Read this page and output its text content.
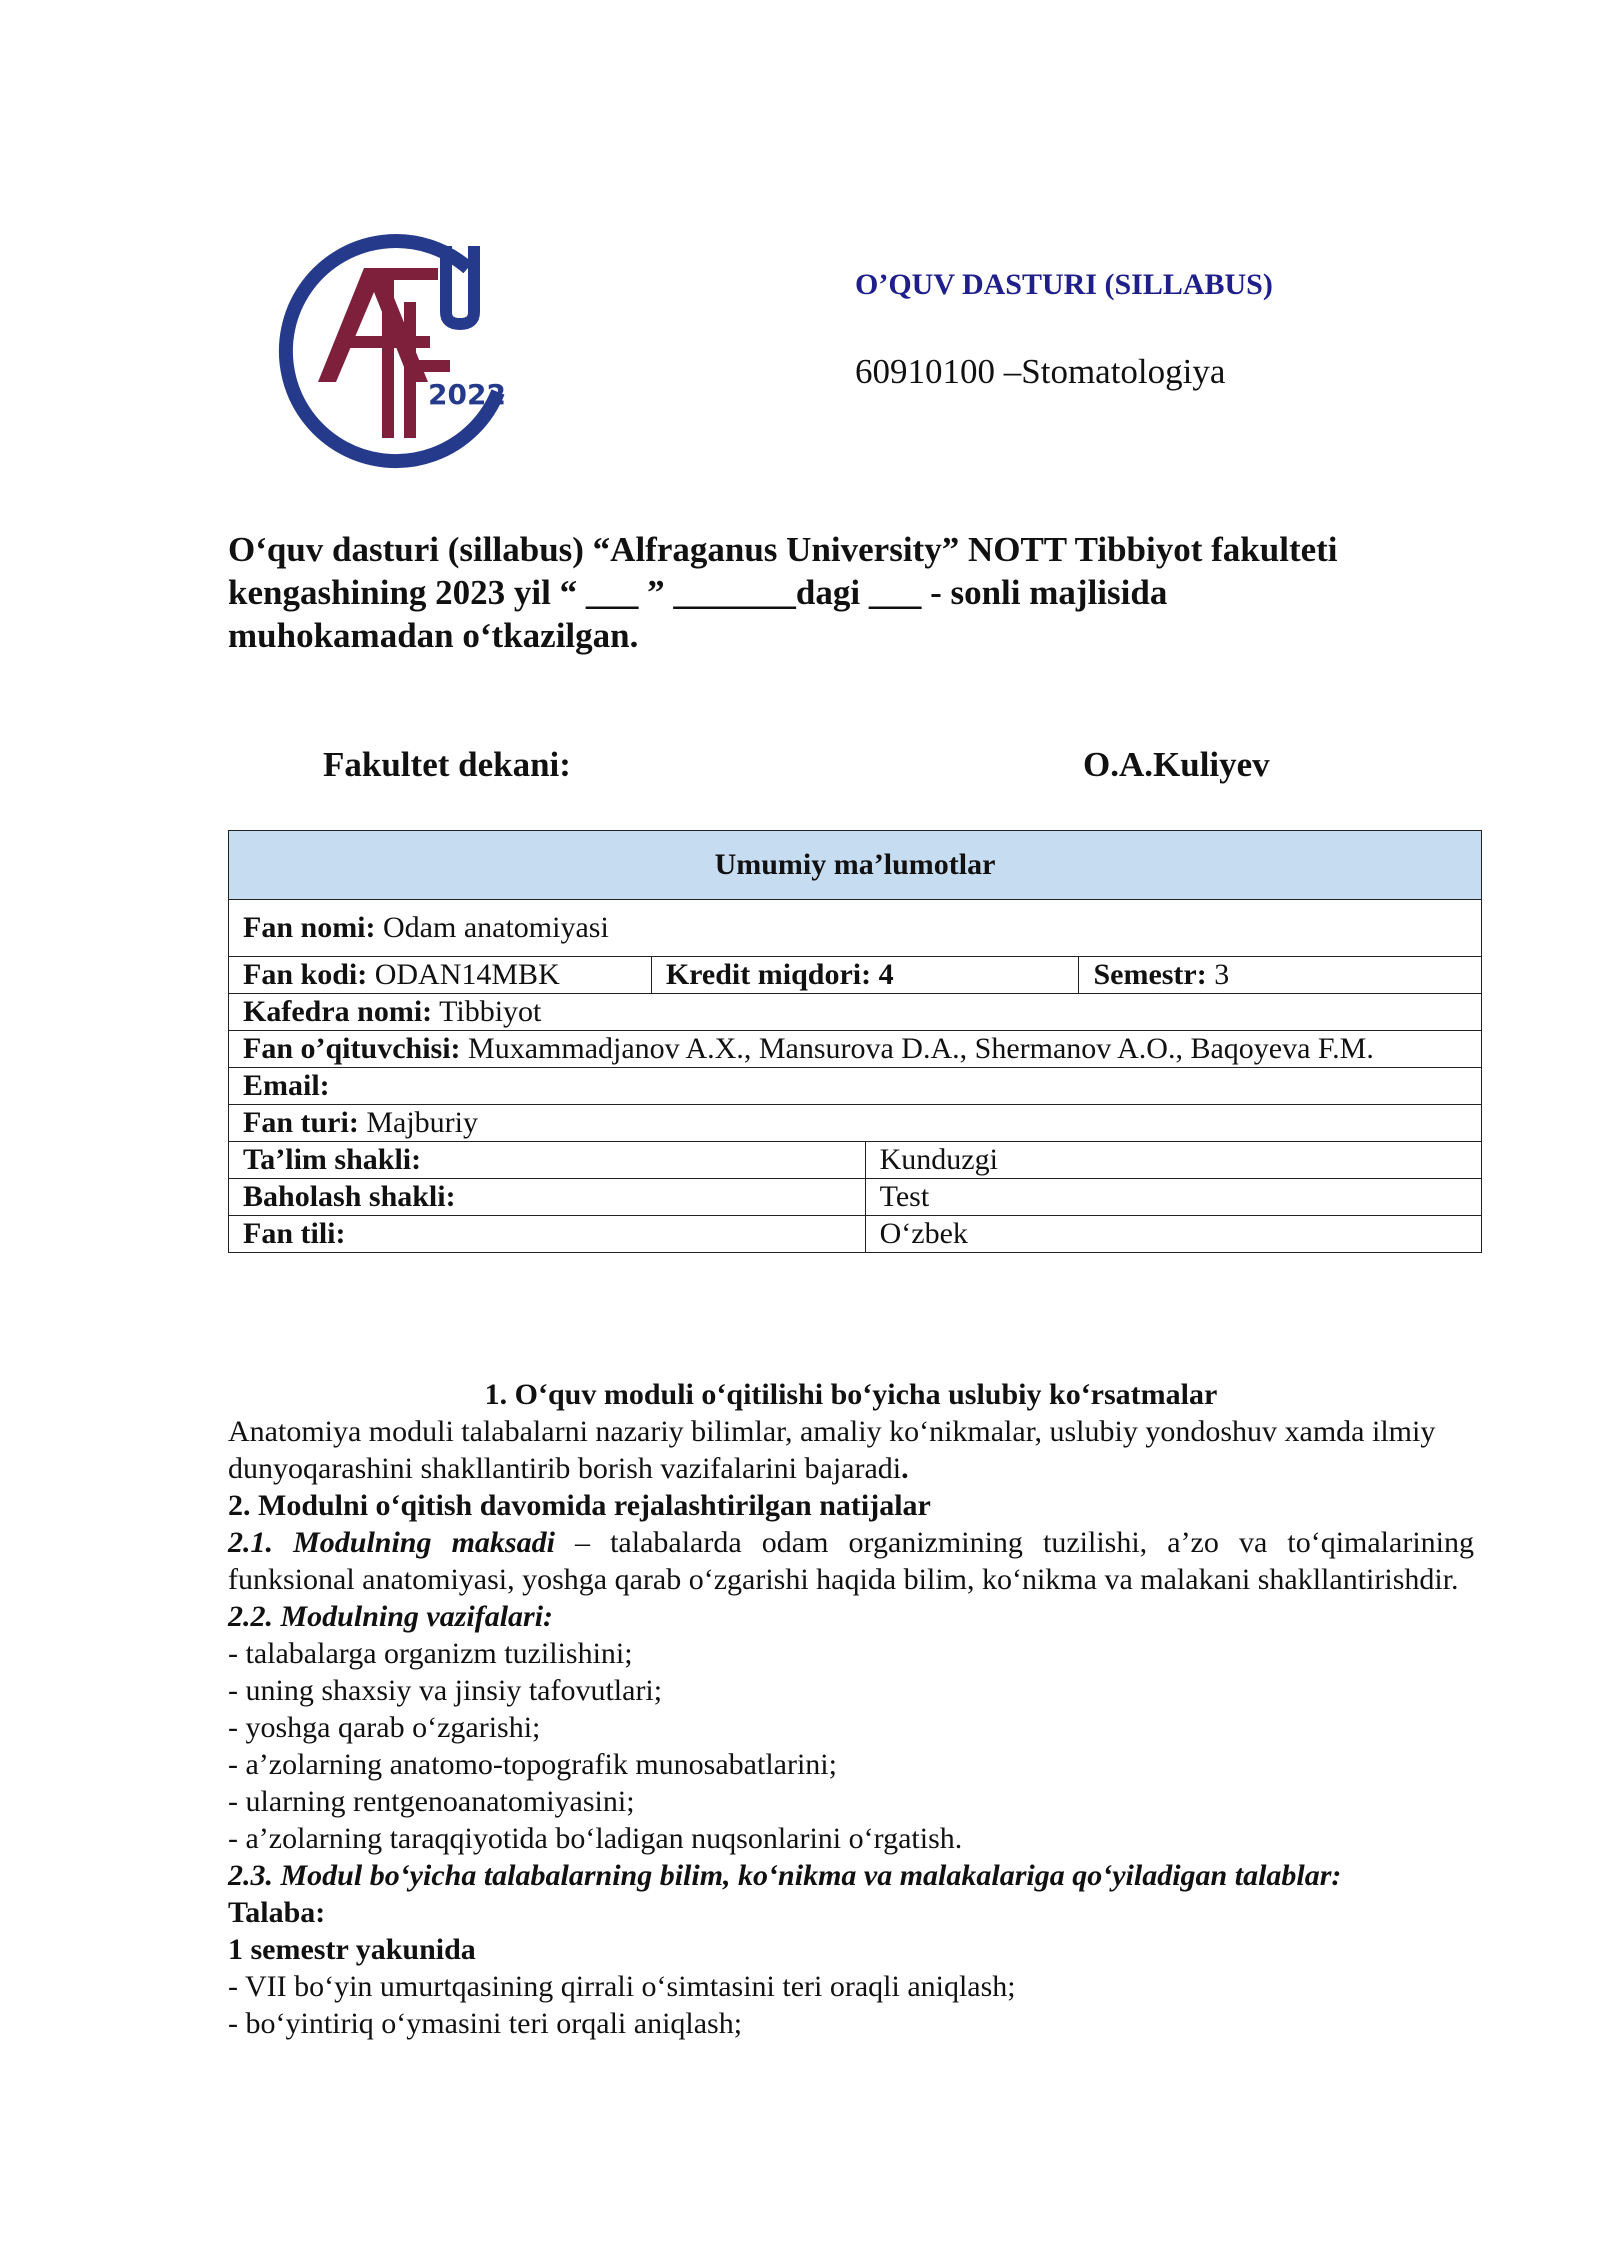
2022
O’QUV DASTURI (SILLABUS)
60910100 –Stomatologiya
O‘quv dasturi (sillabus) “Alfraganus University” NOTT Tibbiyot fakulteti
kengashining 2023 yil “ ___ ” _______dagi ___ - sonli majlisida
muhokamadan o‘tkazilgan.
Fakultet dekani:	O.A.Kuliyev
Umumiy ma’lumotlar			
Fan nomi: Odam anatomiyasi			
Fan kodi: ODAN14MBK	Kredit miqdori: 4		Semestr: 3
Kafedra nomi: Tibbiyot			
Fan o’qituvchisi: Muxammadjanov A.X., Mansurova D.A., Shermanov A.O., Baqoyeva F.M.			
Email:			
Fan turi: Majburiy			
Ta’lim shakli:		Kunduzgi	
Baholash shakli:		Test	
Fan tili:		O‘zbek	

1. O‘quv moduli o‘qitilishi bo‘yicha uslubiy ko‘rsatmalar

Anatomiya moduli talabalarni nazariy bilimlar, amaliy ko‘nikmalar, uslubiy yondoshuv xamda ilmiy dunyoqarashini shakllantirib borish vazifalarini bajaradi.

2. Modulni o‘qitish davomida rejalashtirilgan natijalar

2.1. Modulning maksadi – talabalarda odam organizmining tuzilishi, a’zo va to‘qimalarining funksional anatomiyasi, yoshga qarab o‘zgarishi haqida bilim, ko‘nikma va malakani shakllantirishdir.

2.2. Modulning vazifalari:

- talabalarga organizm tuzilishini;

- uning shaxsiy va jinsiy tafovutlari;

- yoshga qarab o‘zgarishi;

- a’zolarning anatomo-topografik munosabatlarini;

- ularning rentgenoanatomiyasini;

- a’zolarning taraqqiyotida bo‘ladigan nuqsonlarini o‘rgatish.

2.3. Modul bo‘yicha talabalarning bilim, ko‘nikma va malakalariga qo‘yiladigan talablar:

Talaba:

1 semestr yakunida

- VII bo‘yin umurtqasining qirrali o‘simtasini teri oraqli aniqlash;

- bo‘yintiriq o‘ymasini teri orqali aniqlash;
